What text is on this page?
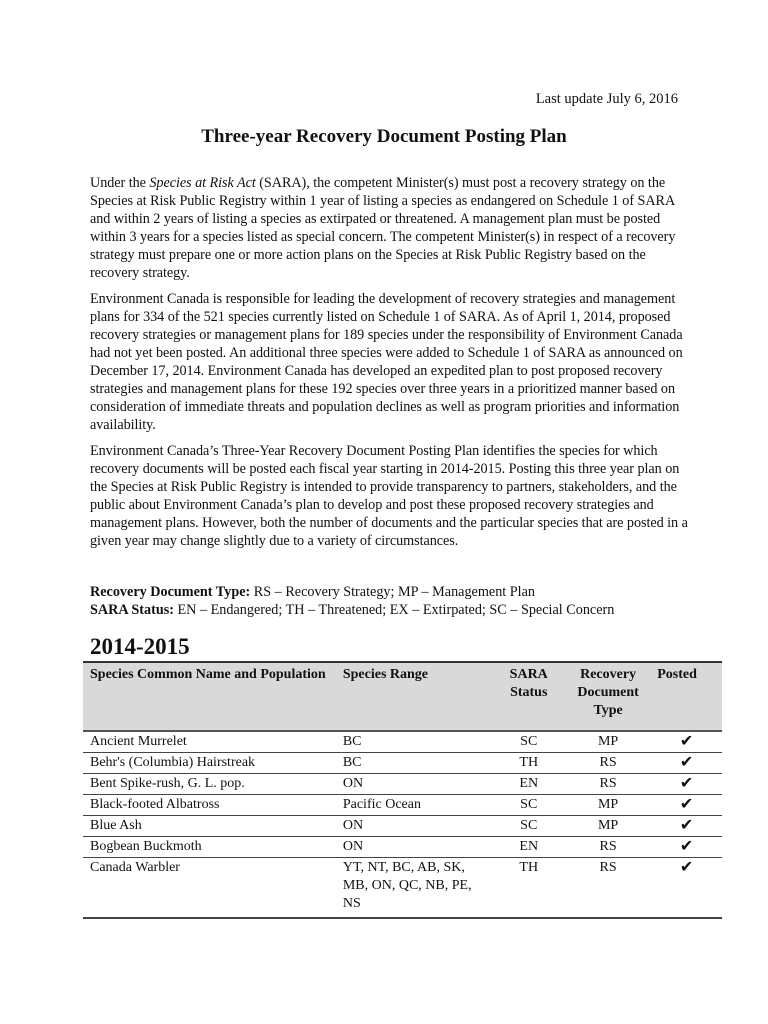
Last update July 6, 2016
Three-year Recovery Document Posting Plan

Under the Species at Risk Act (SARA), the competent Minister(s) must post a recovery strategy on the Species at Risk Public Registry within 1 year of listing a species as endangered on Schedule 1 of SARA and within 2 years of listing a species as extirpated or threatened. A management plan must be posted within 3 years for a species listed as special concern. The competent Minister(s) in respect of a recovery strategy must prepare one or more action plans on the Species at Risk Public Registry based on the recovery strategy.

Environment Canada is responsible for leading the development of recovery strategies and management plans for 334 of the 521 species currently listed on Schedule 1 of SARA. As of April 1, 2014, proposed recovery strategies or management plans for 189 species under the responsibility of Environment Canada had not yet been posted. An additional three species were added to Schedule 1 of SARA as announced on December 17, 2014. Environment Canada has developed an expedited plan to post proposed recovery strategies and management plans for these 192 species over three years in a prioritized manner based on consideration of immediate threats and population declines as well as program priorities and information availability.

Environment Canada’s Three-Year Recovery Document Posting Plan identifies the species for which recovery documents will be posted each fiscal year starting in 2014-2015. Posting this three year plan on the Species at Risk Public Registry is intended to provide transparency to partners, stakeholders, and the public about Environment Canada’s plan to develop and post these proposed recovery strategies and management plans. However, both the number of documents and the particular species that are posted in a given year may change slightly due to a variety of circumstances.

Recovery Document Type: RS – Recovery Strategy; MP – Management Plan
SARA Status: EN – Endangered; TH – Threatened; EX – Extirpated; SC – Special Concern
2014-2015
Species Common Name and Population	Species Range	SARA Status	Recovery Document Type	Posted
Ancient Murrelet	BC	SC	MP	✔
Behr's (Columbia) Hairstreak	BC	TH	RS	✔
Bent Spike-rush, G. L. pop.	ON	EN	RS	✔
Black-footed Albatross	Pacific Ocean	SC	MP	✔
Blue Ash	ON	SC	MP	✔
Bogbean Buckmoth	ON	EN	RS	✔
Canada Warbler	YT, NT, BC, AB, SK, MB, ON, QC, NB, PE, NS	TH	RS	✔
